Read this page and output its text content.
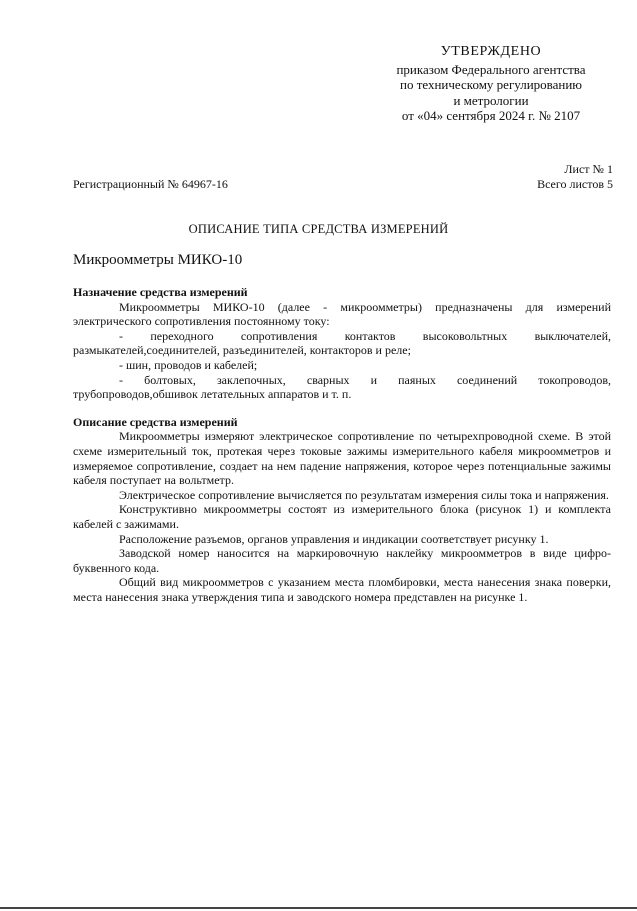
УТВЕРЖДЕНО
приказом Федерального агентства
по техническому регулированию
и метрологии
от «04» сентября 2024 г. № 2107
Лист № 1
Регистрационный № 64967-16	Всего листов 5
ОПИСАНИЕ ТИПА СРЕДСТВА ИЗМЕРЕНИЙ
Микроомметры МИКО-10
Назначение средства измерений

Микроомметры МИКО-10 (далее - микроомметры) предназначены для измерений электрического сопротивления постоянному току:

- переходного сопротивления контактов высоковольтных выключателей, размыкателей,соединителей, разъединителей, контакторов и реле;

- шин, проводов и кабелей;

- болтовых, заклепочных, сварных и паяных соединений токопроводов, трубопроводов,обшивок летательных аппаратов и т. п.

Описание средства измерений

Микроомметры измеряют электрическое сопротивление по четырехпроводной схеме. В этой схеме измерительный ток, протекая через токовые зажимы измерительного кабеля микроомметров и измеряемое сопротивление, создает на нем падение напряжения, которое через потенциальные зажимы кабеля поступает на вольтметр.

Электрическое сопротивление вычисляется по результатам измерения силы тока и напряжения.

Конструктивно микроомметры состоят из измерительного блока (рисунок 1) и комплекта кабелей с зажимами.

Расположение разъемов, органов управления и индикации соответствует рисунку 1.

Заводской номер наносится на маркировочную наклейку микроомметров в виде цифро-буквенного кода.

Общий вид микроомметров с указанием места пломбировки, места нанесения знака поверки, места нанесения знака утверждения типа и заводского номера представлен на рисунке 1.
